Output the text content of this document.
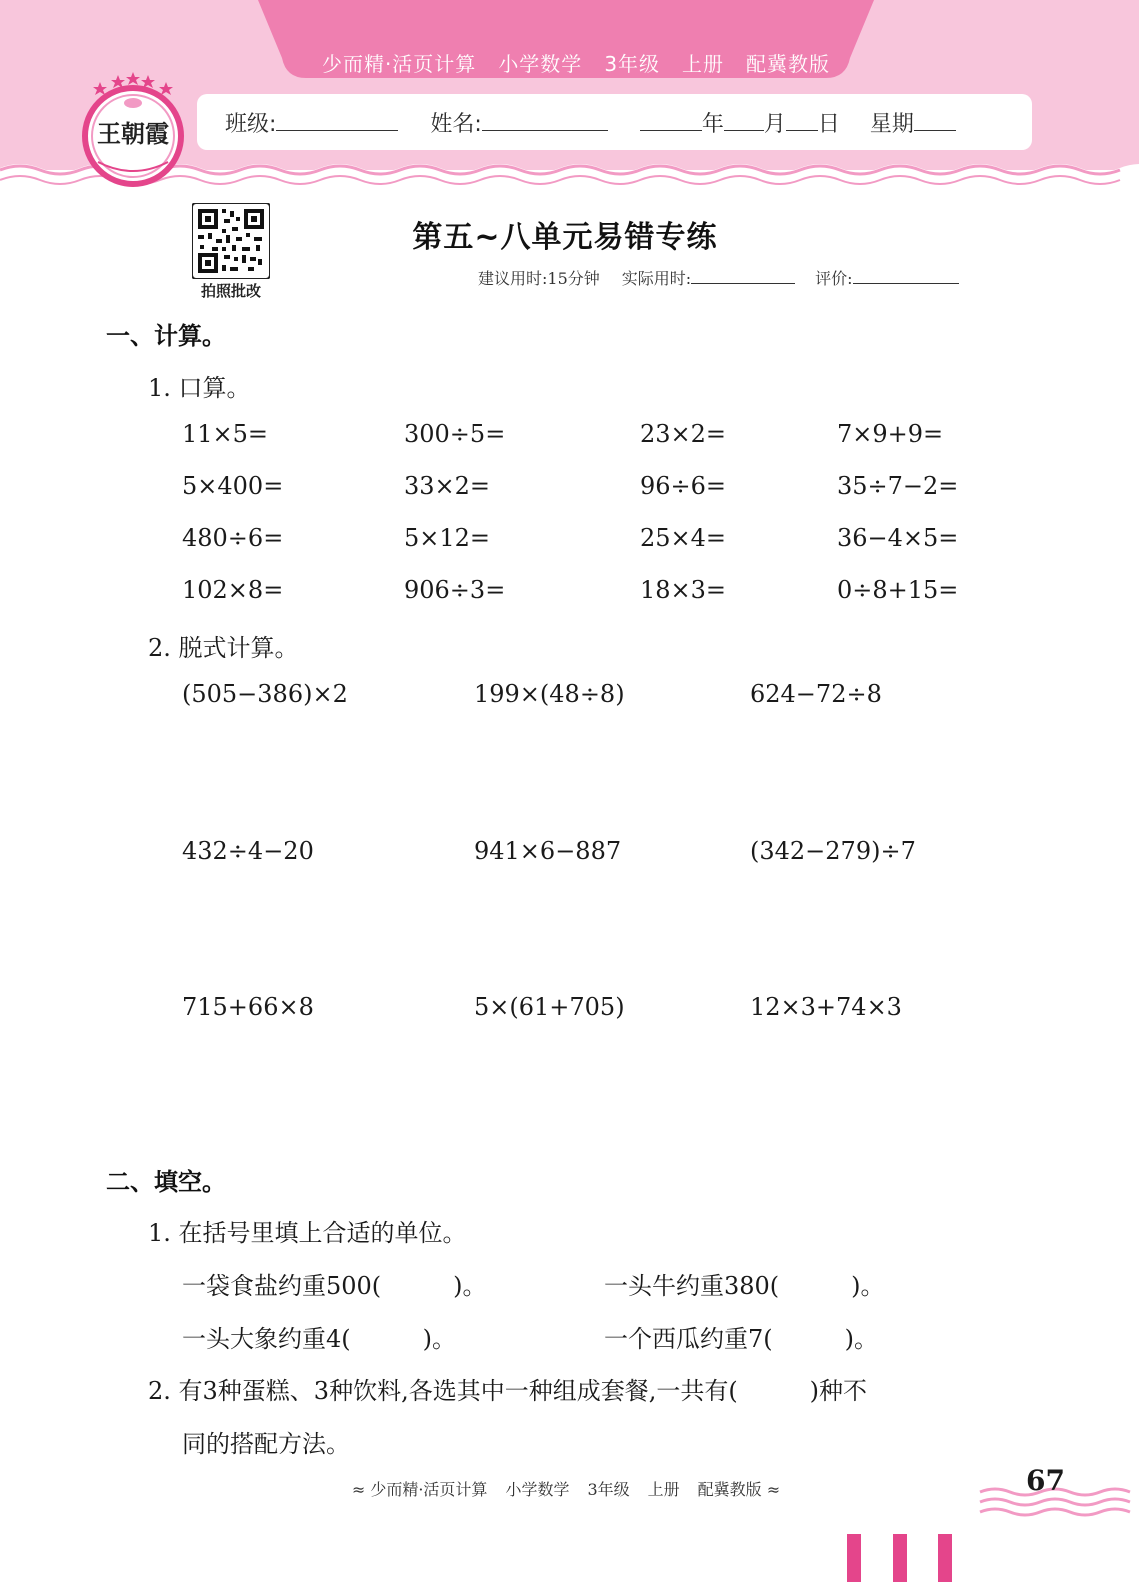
少而精·活页计算 小学数学 3年级 上册 配冀教版
班级:	姓名:	年 月 日 星期
王朝霞
拍照批改
第五~八单元易错专练
建议用时:15分钟 实际用时:	评价:
一、计算。
1. 口算。
11×5=	300÷5=	23×2=	7×9+9=
5×400=	33×2=	96÷6=	35÷7−2=
480÷6=	5×12=	25×4=	36−4×5=
102×8=	906÷3=	18×3=	0÷8+15=
2. 脱式计算。
(505−386)×2	199×(48÷8)	624−72÷8
432÷4−20	941×6−887	(342−279)÷7
715+66×8	5×(61+705)	12×3+74×3
二、填空。
1. 在括号里填上合适的单位。
一袋食盐约重500(　　　)。	一头牛约重380(　　　)。
一头大象约重4(　　　)。	一个西瓜约重7(　　　)。
2. 有3种蛋糕、3种饮料,各选其中一种组成套餐,一共有(　　　)种不
同的搭配方法。
≈ 少而精·活页计算 小学数学 3年级 上册 配冀教版 ≈	67
